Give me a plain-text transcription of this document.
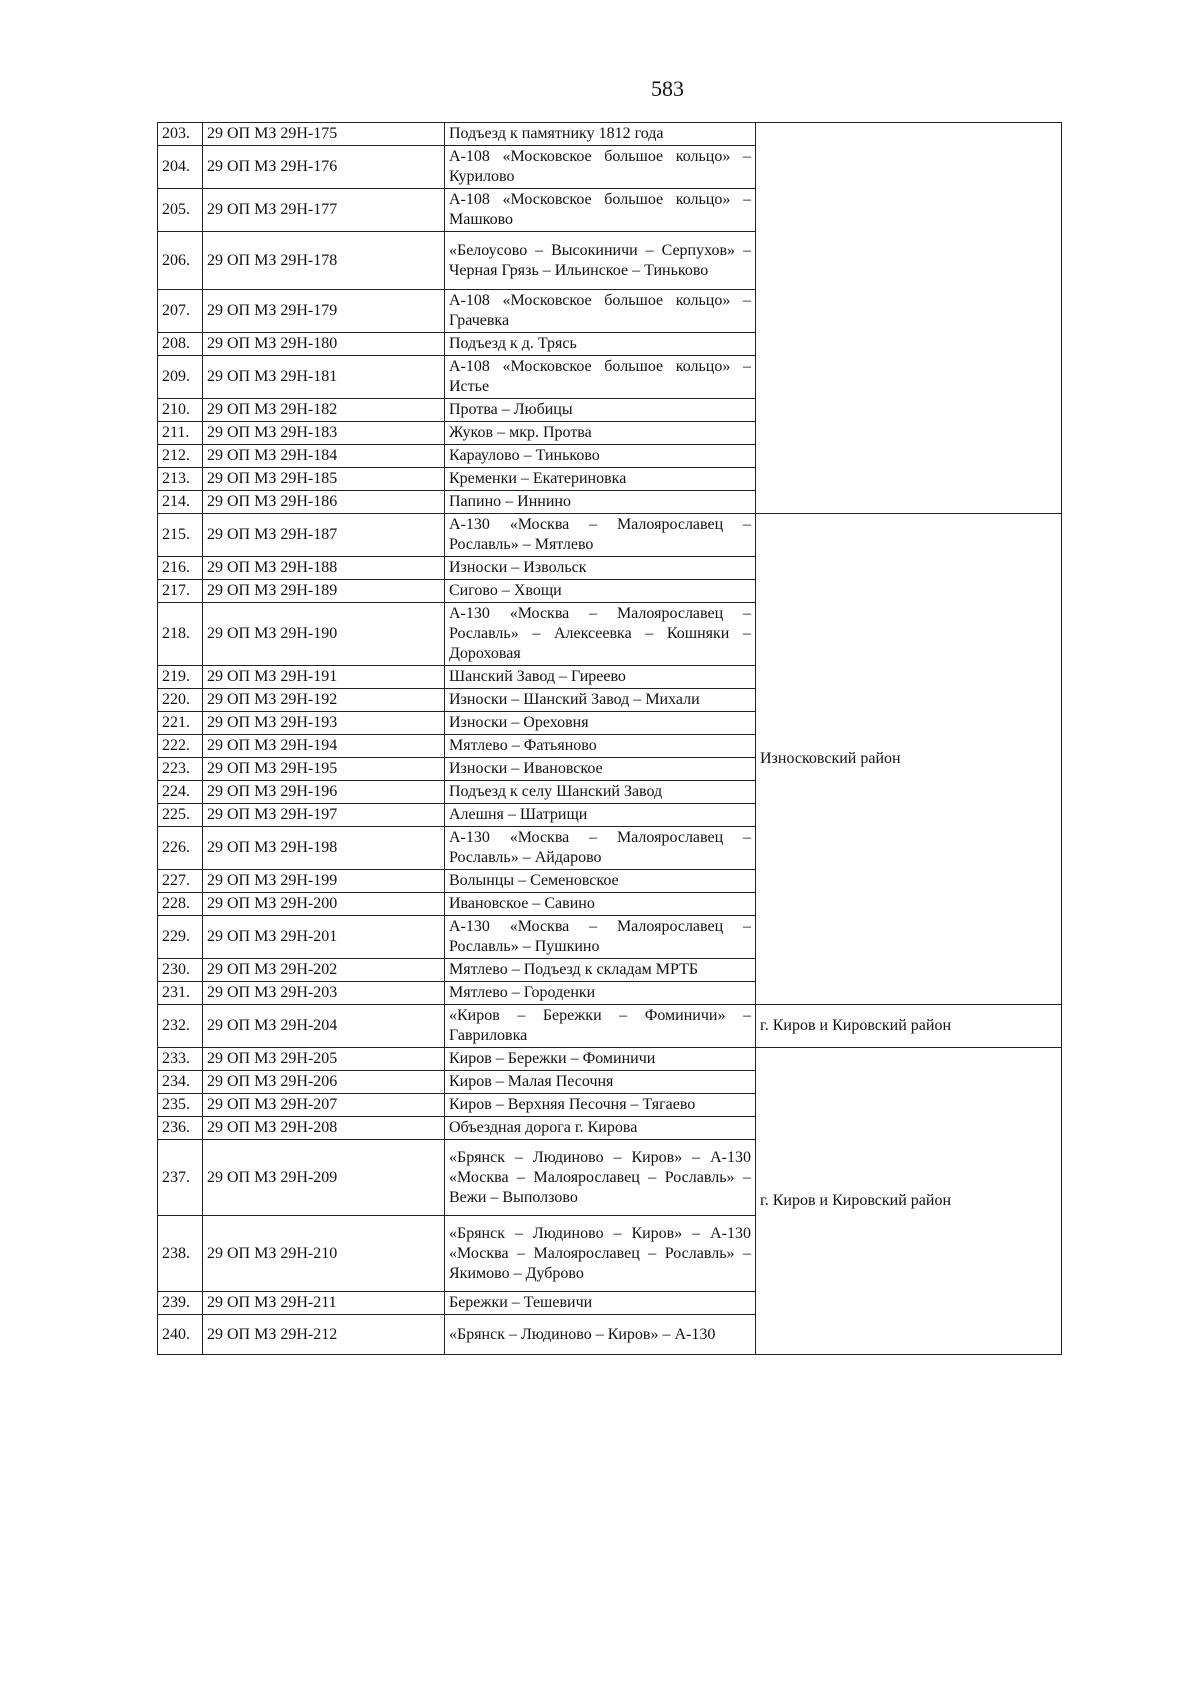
583
203.	29 ОП МЗ 29Н-175	Подъезд к памятнику 1812 года	
204.	29 ОП МЗ 29Н-176	А-108 «Московское большое кольцо» – Курилово	
205.	29 ОП МЗ 29Н-177	А-108 «Московское большое кольцо» – Машково	
206.	29 ОП МЗ 29Н-178	«Белоусово – Высокиничи – Серпухов» – Черная Грязь – Ильинское – Тиньково	
207.	29 ОП МЗ 29Н-179	А-108 «Московское большое кольцо» – Грачевка	
208.	29 ОП МЗ 29Н-180	Подъезд к д. Трясь	
209.	29 ОП МЗ 29Н-181	А-108 «Московское большое кольцо» – Истье	
210.	29 ОП МЗ 29Н-182	Протва – Любицы	
211.	29 ОП МЗ 29Н-183	Жуков – мкр. Протва	
212.	29 ОП МЗ 29Н-184	Караулово – Тиньково	
213.	29 ОП МЗ 29Н-185	Кременки – Екатериновка	
214.	29 ОП МЗ 29Н-186	Папино – Иннино	
215.	29 ОП МЗ 29Н-187	А-130 «Москва – Малоярославец – Рославль» – Мятлево	Износковский район
216.	29 ОП МЗ 29Н-188	Износки – Извольск	
217.	29 ОП МЗ 29Н-189	Сигово – Хвощи	
218.	29 ОП МЗ 29Н-190	А-130 «Москва – Малоярославец – Рославль» – Алексеевка – Кошняки – Дороховая	
219.	29 ОП МЗ 29Н-191	Шанский Завод – Гиреево	
220.	29 ОП МЗ 29Н-192	Износки – Шанский Завод – Михали	
221.	29 ОП МЗ 29Н-193	Износки – Ореховня	
222.	29 ОП МЗ 29Н-194	Мятлево – Фатьяново	
223.	29 ОП МЗ 29Н-195	Износки – Ивановское	
224.	29 ОП МЗ 29Н-196	Подъезд к селу Шанский Завод	
225.	29 ОП МЗ 29Н-197	Алешня – Шатрищи	
226.	29 ОП МЗ 29Н-198	А-130 «Москва – Малоярославец – Рославль» – Айдарово	
227.	29 ОП МЗ 29Н-199	Волынцы – Семеновское	
228.	29 ОП МЗ 29Н-200	Ивановское – Савино	
229.	29 ОП МЗ 29Н-201	А-130 «Москва – Малоярославец – Рославль» – Пушкино	
230.	29 ОП МЗ 29Н-202	Мятлево – Подъезд к складам МРТБ	
231.	29 ОП МЗ 29Н-203	Мятлево – Городенки	
232.	29 ОП МЗ 29Н-204	«Киров – Бережки – Фоминичи» – Гавриловка	г. Киров и Кировский район
233.	29 ОП МЗ 29Н-205	Киров – Бережки – Фоминичи	г. Киров и Кировский район
234.	29 ОП МЗ 29Н-206	Киров – Малая Песочня	
235.	29 ОП МЗ 29Н-207	Киров – Верхняя Песочня – Тягаево	
236.	29 ОП МЗ 29Н-208	Объездная дорога г. Кирова	
237.	29 ОП МЗ 29Н-209	«Брянск – Людиново – Киров» – А-130 «Москва – Малоярославец – Рославль» – Вежи – Выползово	
238.	29 ОП МЗ 29Н-210	«Брянск – Людиново – Киров» – А-130 «Москва – Малоярославец – Рославль» – Якимово – Дуброво	
239.	29 ОП МЗ 29Н-211	Бережки – Тешевичи	
240.	29 ОП МЗ 29Н-212	«Брянск – Людиново – Киров» – А-130	
